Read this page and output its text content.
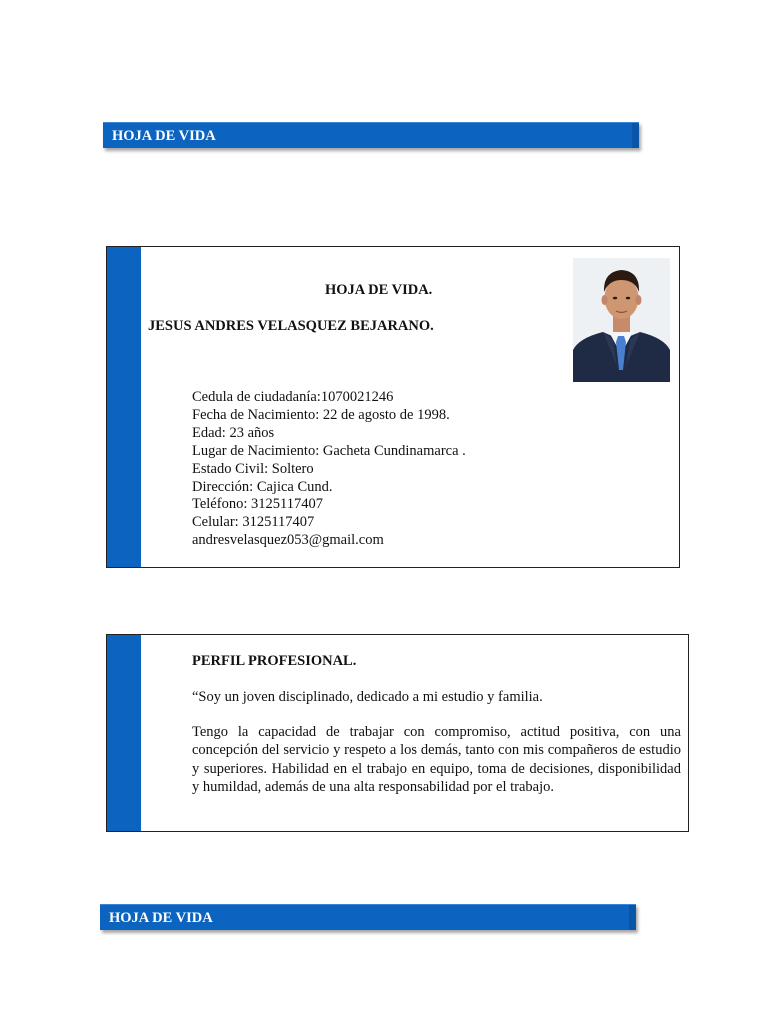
HOJA DE VIDA
HOJA DE VIDA.
JESUS ANDRES VELASQUEZ BEJARANO.
Cedula de ciudadanía:1070021246
Fecha de Nacimiento: 22 de agosto de 1998.
Edad: 23 años
Lugar de Nacimiento: Gacheta Cundinamarca .
Estado Civil: Soltero
Dirección: Cajica Cund.
Teléfono: 3125117407
Celular: 3125117407
andresvelasquez053@gmail.com
PERFIL PROFESIONAL.
“Soy un joven disciplinado, dedicado a mi estudio y familia.

Tengo la capacidad de trabajar con compromiso, actitud positiva, con una concepción del servicio y respeto a los demás, tanto con mis compañeros de estudio y superiores. Habilidad en el trabajo en equipo, toma de decisiones, disponibilidad y humildad, además de una alta responsabilidad por el trabajo.

HOJA DE VIDA
